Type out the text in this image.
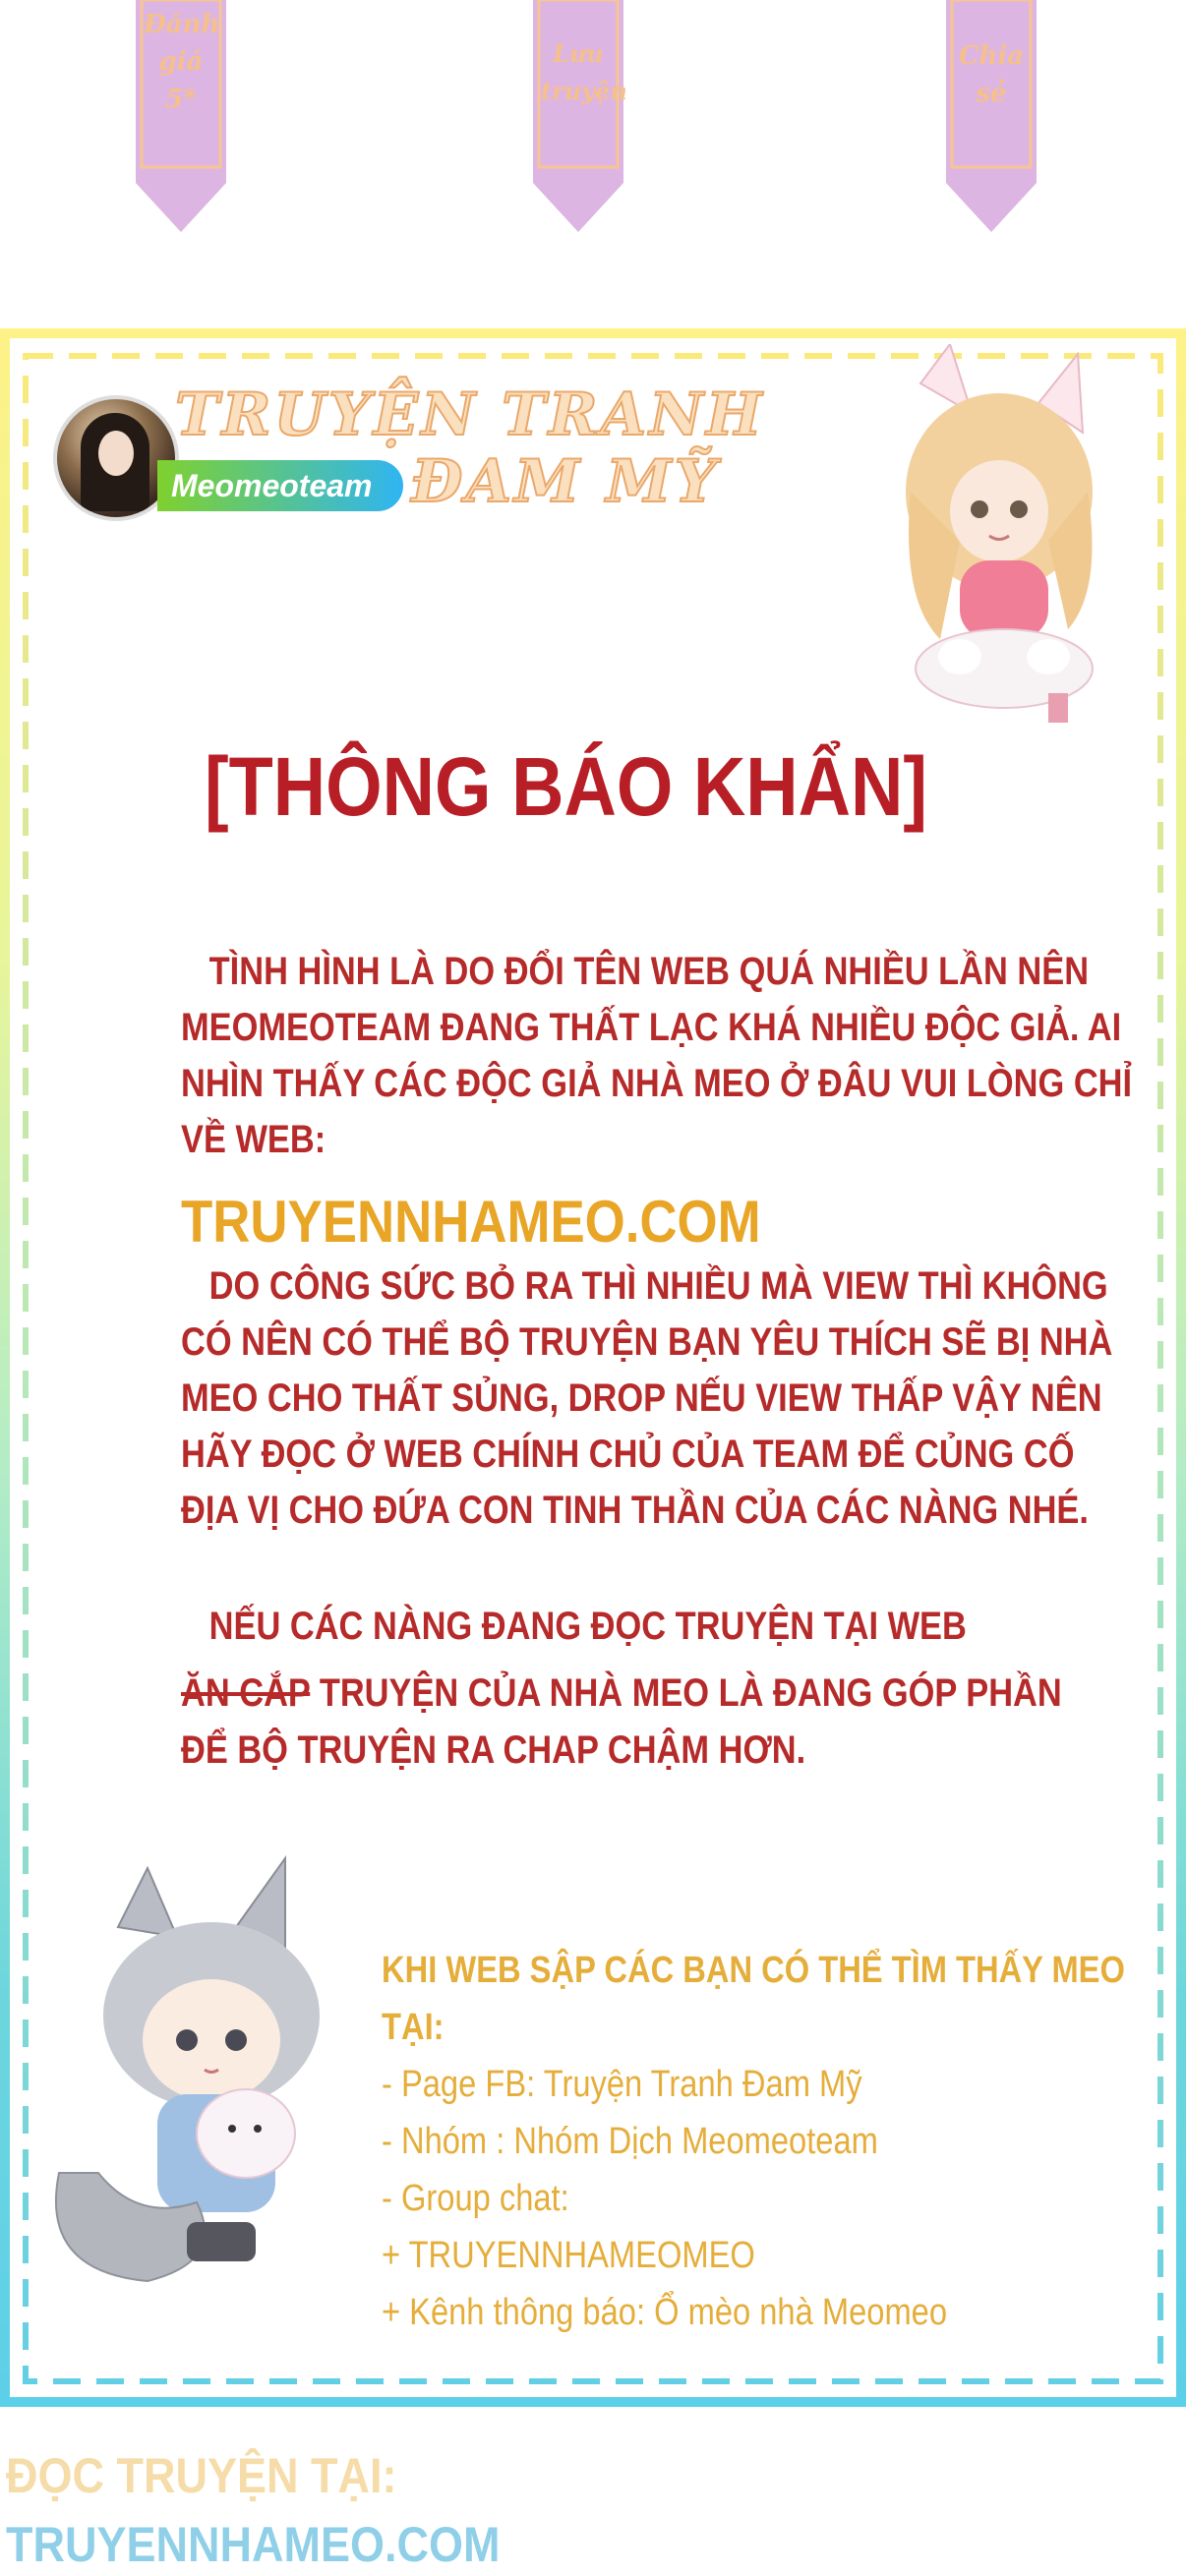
Đánh
giá
5*
Lưu
truyện
Chia
sẻ
Meomeoteam
TRUYỆN TRANH
ĐAM MỸ
[THÔNG BÁO KHẨN]
TÌNH HÌNH LÀ DO ĐỔI TÊN WEB QUÁ NHIỀU LẦN NÊN
MEOMEOTEAM ĐANG THẤT LẠC KHÁ NHIỀU ĐỘC GIẢ. AI
NHÌN THẤY CÁC ĐỘC GIẢ NHÀ MEO Ở ĐÂU VUI LÒNG CHỈ
VỀ WEB:
TRUYENNHAMEO.COM
DO CÔNG SỨC BỎ RA THÌ NHIỀU MÀ VIEW THÌ KHÔNG
CÓ NÊN CÓ THỂ BỘ TRUYỆN BẠN YÊU THÍCH SẼ BỊ NHÀ
MEO CHO THẤT SỦNG, DROP NẾU VIEW THẤP VẬY NÊN
HÃY ĐỌC Ở WEB CHÍNH CHỦ CỦA TEAM ĐỂ CỦNG CỐ
ĐỊA VỊ CHO ĐỨA CON TINH THẦN CỦA CÁC NÀNG NHÉ.
NẾU CÁC NÀNG ĐANG ĐỌC TRUYỆN TẠI WEB
ĂN CẮP TRUYỆN CỦA NHÀ MEO LÀ ĐANG GÓP PHẦN
ĐỂ BỘ TRUYỆN RA CHAP CHẬM HƠN.
KHI WEB SẬP CÁC BẠN CÓ THỂ TÌM THẤY MEO
TẠI:
- Page FB: Truyện Tranh Đam Mỹ
- Nhóm : Nhóm Dịch Meomeoteam
- Group chat:
+ TRUYENNHAMEOMEO
+ Kênh thông báo: Ổ mèo nhà Meomeo
ĐỌC TRUYỆN TẠI:
TRUYENNHAMEO.COM
